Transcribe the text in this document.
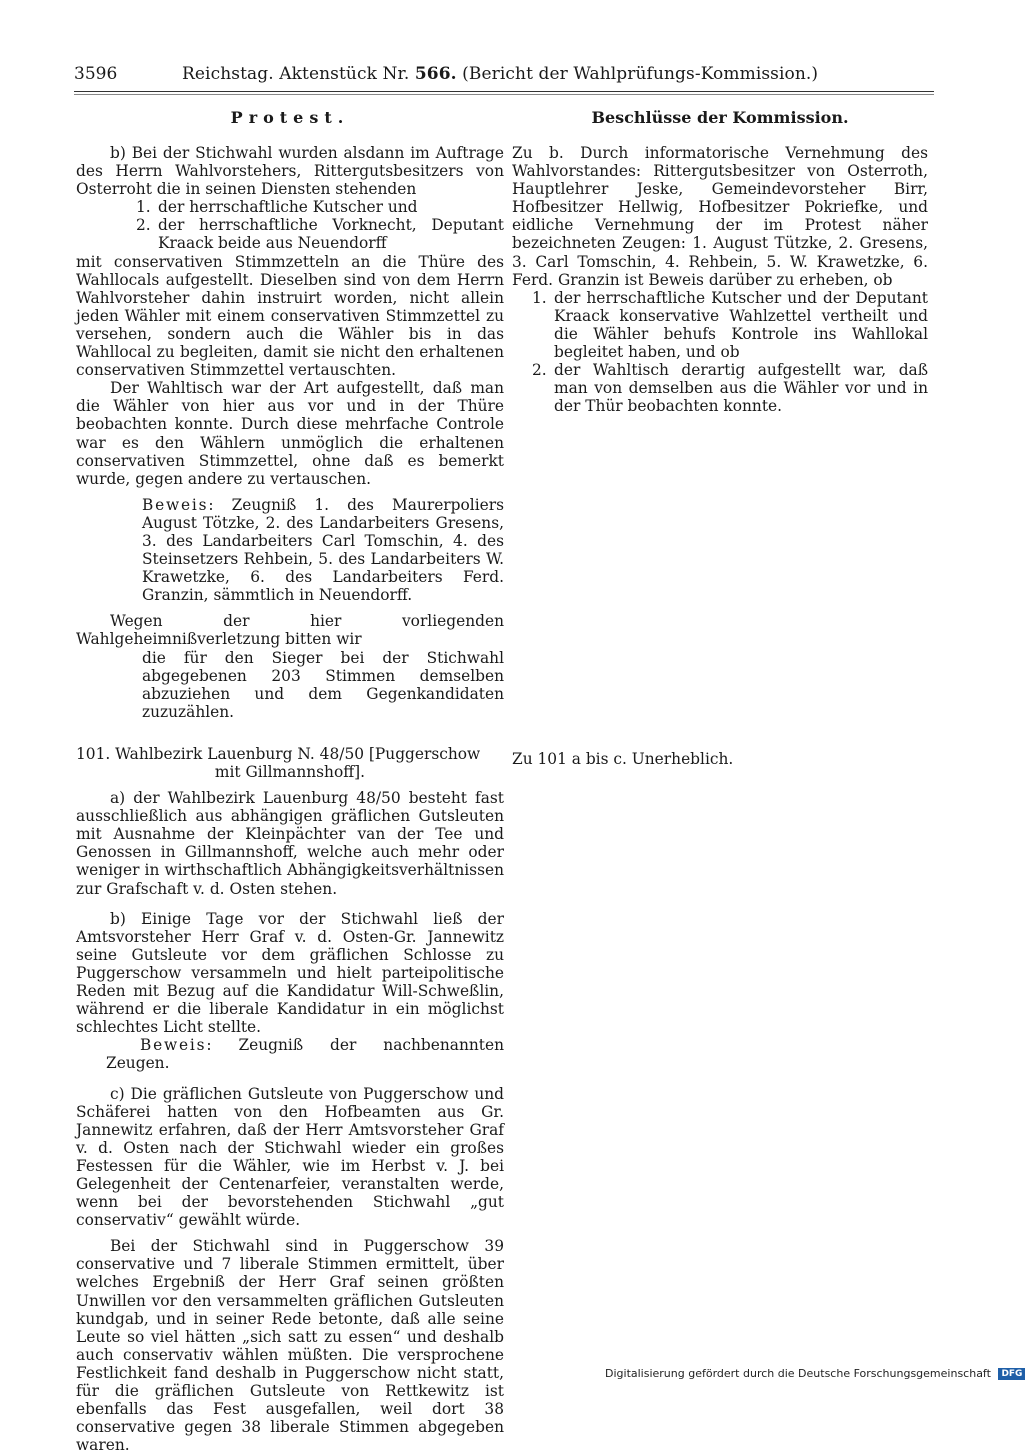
3596	Reichstag. Aktenstück Nr. 566. (Bericht der Wahlprüfungs-Kommission.)
Protest.

b) Bei der Stichwahl wurden alsdann im Auftrage des Herrn Wahlvorstehers, Rittergutsbesitzers von Osterroht die in seinen Diensten stehenden

1. der herrschaftliche Kutscher und
2. der herrschaftliche Vorknecht, Deputant Kraack beide aus Neuendorff

mit conservativen Stimmzetteln an die Thüre des Wahllocals aufgestellt. Dieselben sind von dem Herrn Wahlvorsteher dahin instruirt worden, nicht allein jeden Wähler mit einem conservativen Stimmzettel zu versehen, sondern auch die Wähler bis in das Wahllocal zu begleiten, damit sie nicht den erhaltenen conservativen Stimmzettel vertauschten.

Der Wahltisch war der Art aufgestellt, daß man die Wähler von hier aus vor und in der Thüre beobachten konnte. Durch diese mehrfache Controle war es den Wählern unmöglich die erhaltenen conservativen Stimmzettel, ohne daß es bemerkt wurde, gegen andere zu vertauschen.

Beweis: Zeugniß 1. des Maurerpoliers August Tötzke, 2. des Landarbeiters Gresens, 3. des Landarbeiters Carl Tomschin, 4. des Steinsetzers Rehbein, 5. des Landarbeiters W. Krawetzke, 6. des Landarbeiters Ferd. Granzin, sämmtlich in Neuendorff.

Wegen der hier vorliegenden Wahlgeheimnißverletzung bitten wir

die für den Sieger bei der Stichwahl abgegebenen 203 Stimmen demselben abzuziehen und dem Gegenkandidaten zuzuzählen.

101. Wahlbezirk Lauenburg N. 48/50 [Puggerschow
mit Gillmannshoff].

a) der Wahlbezirk Lauenburg 48/50 besteht fast ausschließlich aus abhängigen gräflichen Gutsleuten mit Ausnahme der Kleinpächter van der Tee und Genossen in Gillmannshoff, welche auch mehr oder weniger in wirthschaftlich Abhängigkeitsverhältnissen zur Grafschaft v. d. Osten stehen.

b) Einige Tage vor der Stichwahl ließ der Amtsvorsteher Herr Graf v. d. Osten-Gr. Jannewitz seine Gutsleute vor dem gräflichen Schlosse zu Puggerschow versammeln und hielt parteipolitische Reden mit Bezug auf die Kandidatur Will-Schweßlin, während er die liberale Kandidatur in ein möglichst schlechtes Licht stellte.

Beweis: Zeugniß der nachbenannten Zeugen.

c) Die gräflichen Gutsleute von Puggerschow und Schäferei hatten von den Hofbeamten aus Gr. Jannewitz erfahren, daß der Herr Amtsvorsteher Graf v. d. Osten nach der Stichwahl wieder ein großes Festessen für die Wähler, wie im Herbst v. J. bei Gelegenheit der Centenarfeier, veranstalten werde, wenn bei der bevorstehenden Stichwahl „gut conservativ“ gewählt würde.

Bei der Stichwahl sind in Puggerschow 39 conservative und 7 liberale Stimmen ermittelt, über welches Ergebniß der Herr Graf seinen größten Unwillen vor den versammelten gräflichen Gutsleuten kundgab, und in seiner Rede betonte, daß alle seine Leute so viel hätten „sich satt zu essen“ und deshalb auch conservativ wählen müßten. Die versprochene Festlichkeit fand deshalb in Puggerschow nicht statt, für die gräflichen Gutsleute von Rettkewitz ist ebenfalls das Fest ausgefallen, weil dort 38 conservative gegen 38 liberale Stimmen abgegeben waren.

Beschlüsse der Kommission.

Zu b. Durch informatorische Vernehmung des Wahlvorstandes: Rittergutsbesitzer von Osterroth, Hauptlehrer Jeske, Gemeindevorsteher Birr, Hofbesitzer Hellwig, Hofbesitzer Pokriefke, und eidliche Vernehmung der im Protest näher bezeichneten Zeugen: 1. August Tützke, 2. Gresens, 3. Carl Tomschin, 4. Rehbein, 5. W. Krawetzke, 6. Ferd. Granzin ist Beweis darüber zu erheben, ob

1. der herrschaftliche Kutscher und der Deputant Kraack konservative Wahlzettel vertheilt und die Wähler behufs Kontrole ins Wahllokal begleitet haben, und ob
2. der Wahltisch derartig aufgestellt war, daß man von demselben aus die Wähler vor und in der Thür beobachten konnte.

Zu 101 a bis c. Unerheblich.

Digitalisierung gefördert durch die Deutsche Forschungsgemeinschaft DFG
